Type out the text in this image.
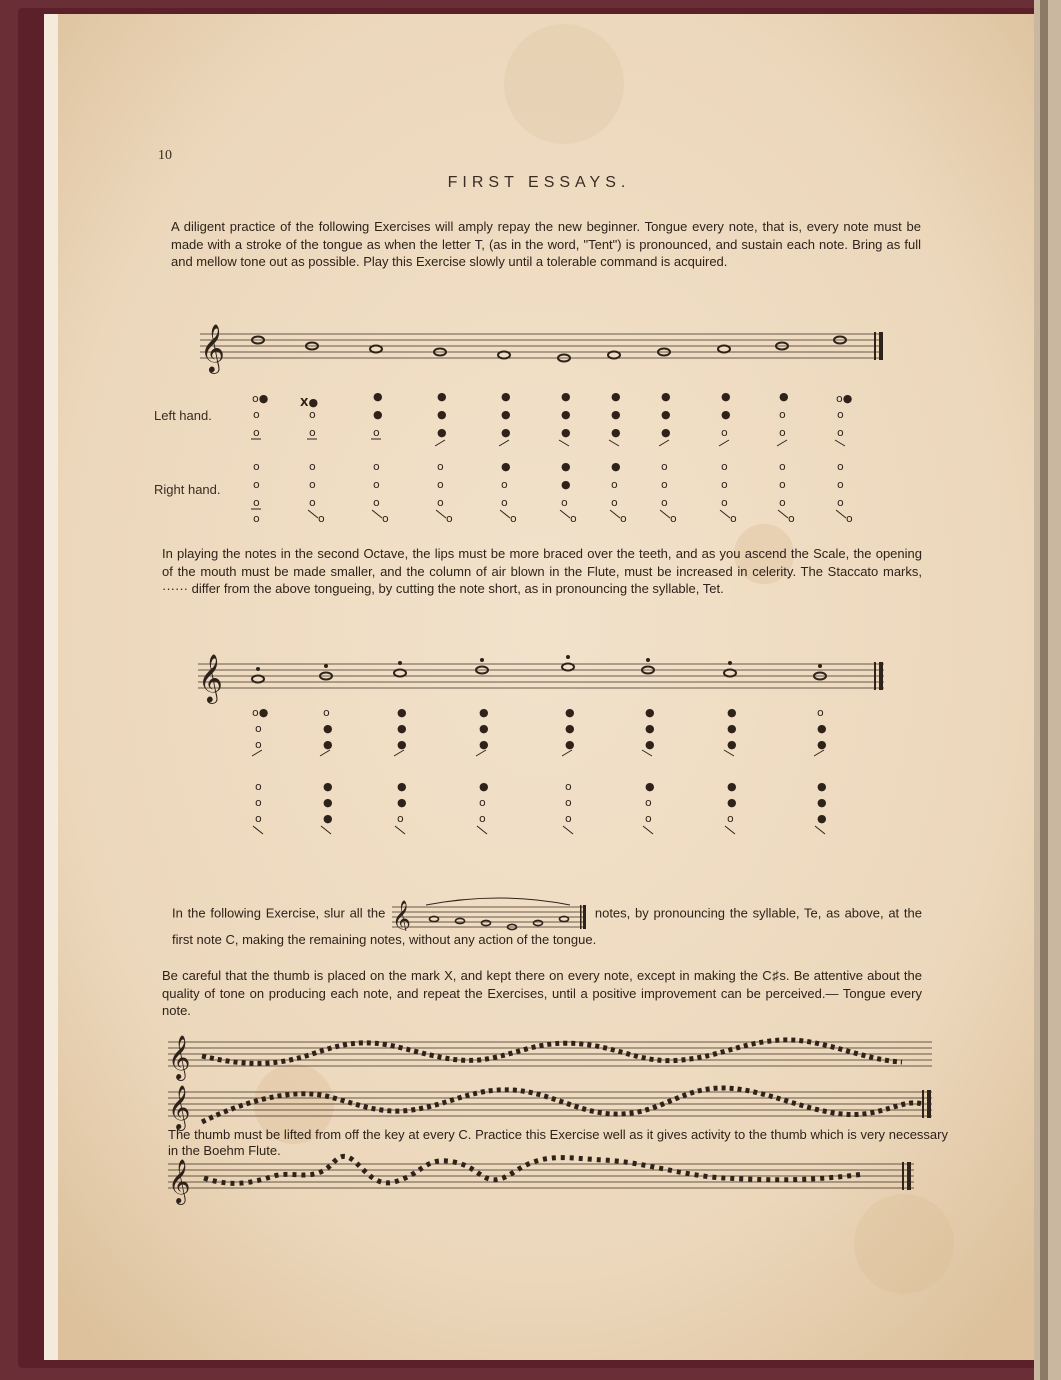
10
FIRST ESSAYS.
A diligent practice of the following Exercises will amply repay the new beginner. Tongue every note, that is, every note must be made with a stroke of the tongue as when the letter T, (as in the word, "Tent") is pronounced, and sustain each note. Bring as full and mellow tone out as possible. Play this Exercise slowly until a tolerable command is acquired.
𝄞
Left hand.
Right hand.
o●
o
o
o
o
o
o
X●
o
o
o
o
o
o
●
●
o
o
o
o
o
●
●
●
o
o
o
o
●
●
●
●
o
o
o
●
●
●
●
●
o
o
●
●
●
●
o
o
o
●
●
●
o
o
o
o
●
●
o
o
o
o
o
●
o
o
o
o
o
o
o●
o
o
o
o
o
o
In playing the notes in the second Octave, the lips must be more braced over the teeth, and as you ascend the Scale, the opening of the mouth must be made smaller, and the column of air blown in the Flute, must be increased in celerity. The Staccato marks, ······ differ from the above tongueing, by cutting the note short, as in pronouncing the syllable, Tet.
𝄞
o●
o
o
o
o
o
o
●
●
●
●
●
●
●
●
●
●
o
●
●
●
●
o
o
●
●
●
o
o
o
●
●
●
●
o
o
●
●
●
●
●
o
o
●
●
●
●
●
In the following Exercise, slur all the 𝄞	notes, by pronouncing the syllable, Te, as above, at the first note C, making the remaining notes, without any action of the tongue.
Be careful that the thumb is placed on the mark X, and kept there on every note, except in making the C♯s. Be attentive about the quality of tone on producing each note, and repeat the Exercises, until a positive improvement can be perceived.— Tongue every note.
𝄞
𝄞
The thumb must be lifted from off the key at every C. Practice this Exercise well as it gives activity to the thumb which is very necessary in the Boehm Flute.
𝄞
